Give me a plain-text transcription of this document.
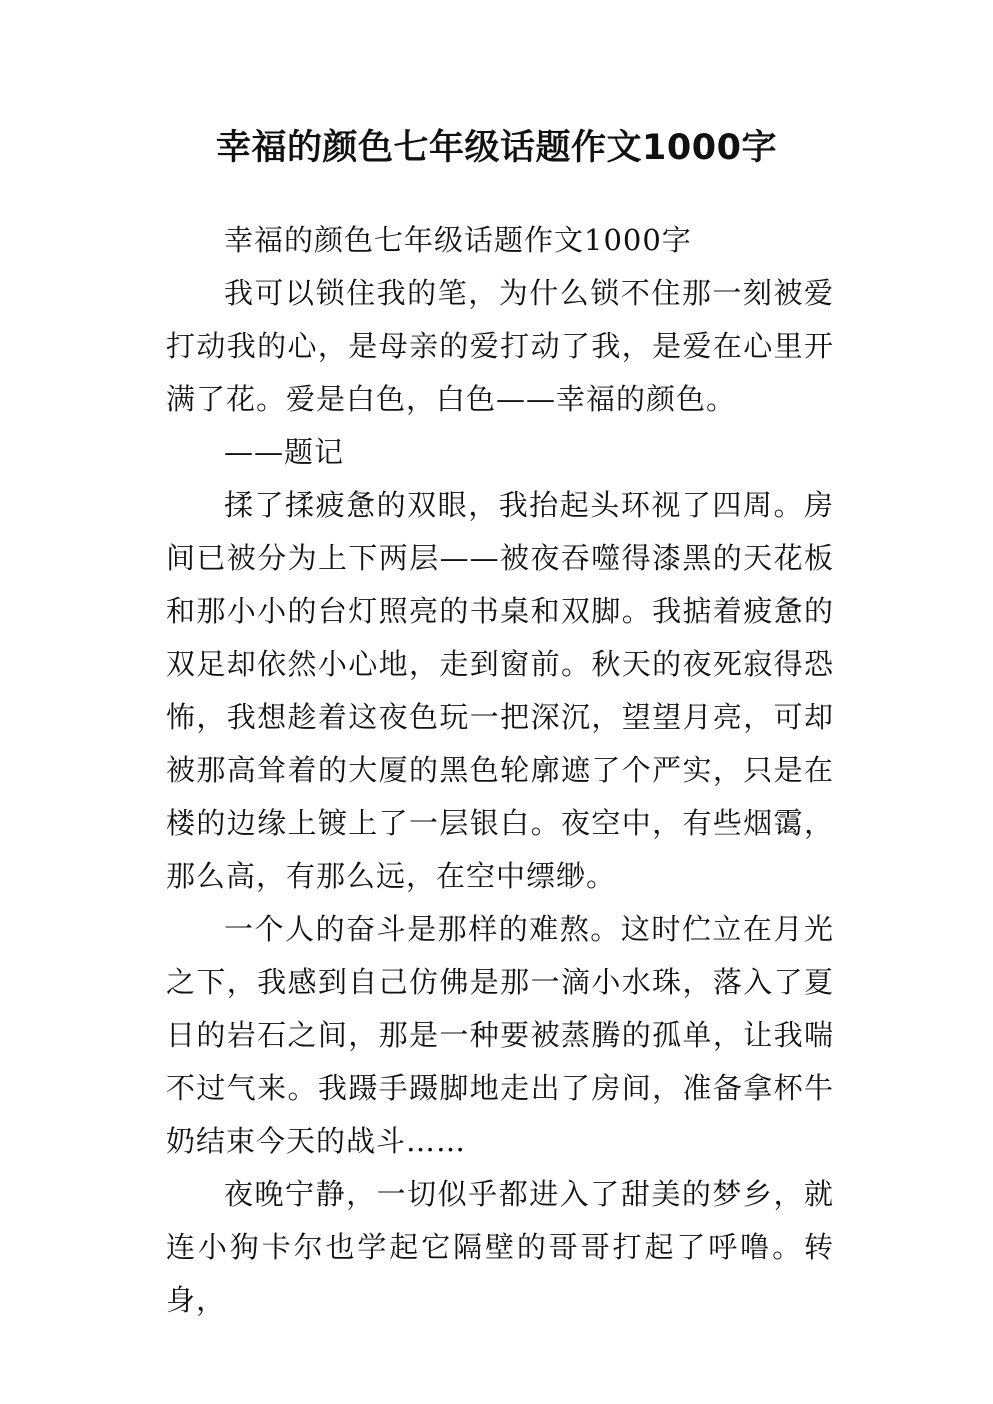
幸福的颜色七年级话题作文1000字

幸福的颜色七年级话题作文1000字

我可以锁住我的笔，为什么锁不住那一刻被爱打动我的心，是母亲的爱打动了我，是爱在心里开满了花。爱是白色，白色——幸福的颜色。

——题记

揉了揉疲惫的双眼，我抬起头环视了四周。房间已被分为上下两层——被夜吞噬得漆黑的天花板和那小小的台灯照亮的书桌和双脚。我掂着疲惫的双足却依然小心地，走到窗前。秋天的夜死寂得恐怖，我想趁着这夜色玩一把深沉，望望月亮，可却被那高耸着的大厦的黑色轮廓遮了个严实，只是在楼的边缘上镀上了一层银白。夜空中，有些烟霭，那么高，有那么远，在空中缥缈。

一个人的奋斗是那样的难熬。这时伫立在月光之下，我感到自己仿佛是那一滴小水珠，落入了夏日的岩石之间，那是一种要被蒸腾的孤单，让我喘不过气来。我蹑手蹑脚地走出了房间，准备拿杯牛奶结束今天的战斗……

夜晚宁静，一切似乎都进入了甜美的梦乡，就连小狗卡尔也学起它隔壁的哥哥打起了呼噜。转身，
